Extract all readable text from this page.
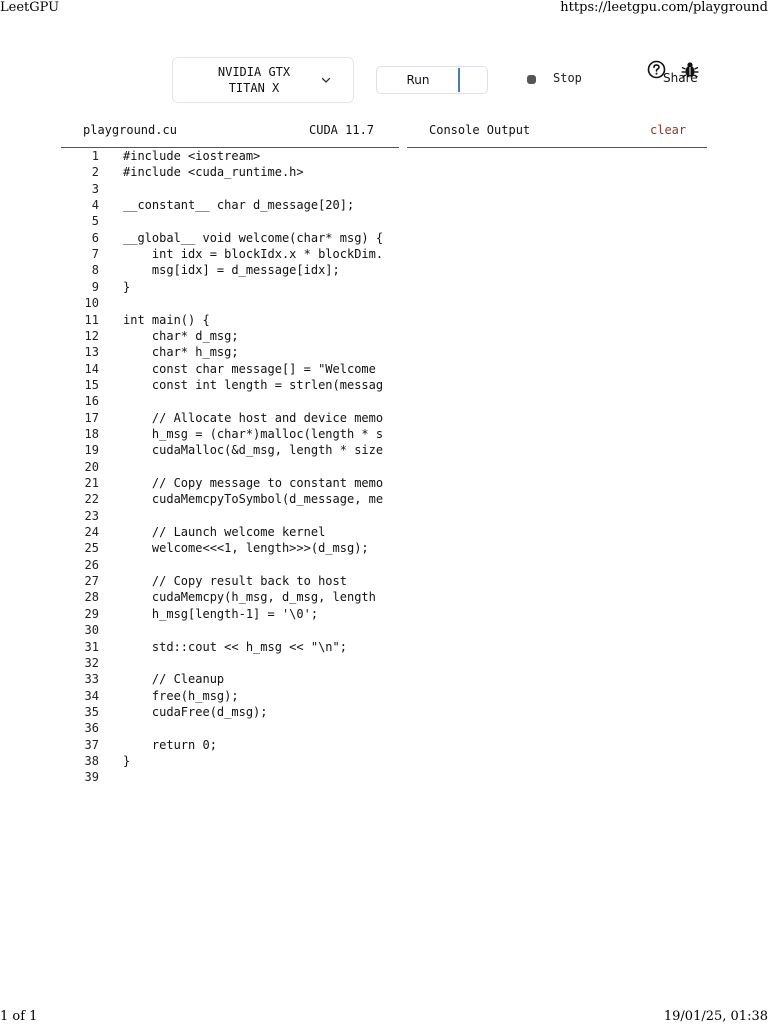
LeetGPU	https://leetgpu.com/playground
1 of 1	19/01/25, 01:38
NVIDIA GTX
TITAN X
Run	Stop	Share
playground.cu	CUDA 11.7	Console Output	clear
1 #include <iostream>
2 #include <cuda_runtime.h>
3
4 __constant__ char d_message[20];
5
6 __global__ void welcome(char* msg) {
7 int idx = blockIdx.x * blockDim.
8 msg[idx] = d_message[idx];
9 }
10
11 int main() {
12 char* d_msg;
13 char* h_msg;
14 const char message[] = "Welcome
15 const int length = strlen(messag
16
17 // Allocate host and device memo
18 h_msg = (char*)malloc(length * s
19 cudaMalloc(&d_msg, length * size
20
21 // Copy message to constant memo
22 cudaMemcpyToSymbol(d_message, me
23
24 // Launch welcome kernel
25 welcome<<<1, length>>>(d_msg);
26
27 // Copy result back to host
28 cudaMemcpy(h_msg, d_msg, length
29 h_msg[length-1] = '\0';
30
31 std::cout << h_msg << "\n";
32
33 // Cleanup
34 free(h_msg);
35 cudaFree(d_msg);
36
37 return 0;
38 }
39
